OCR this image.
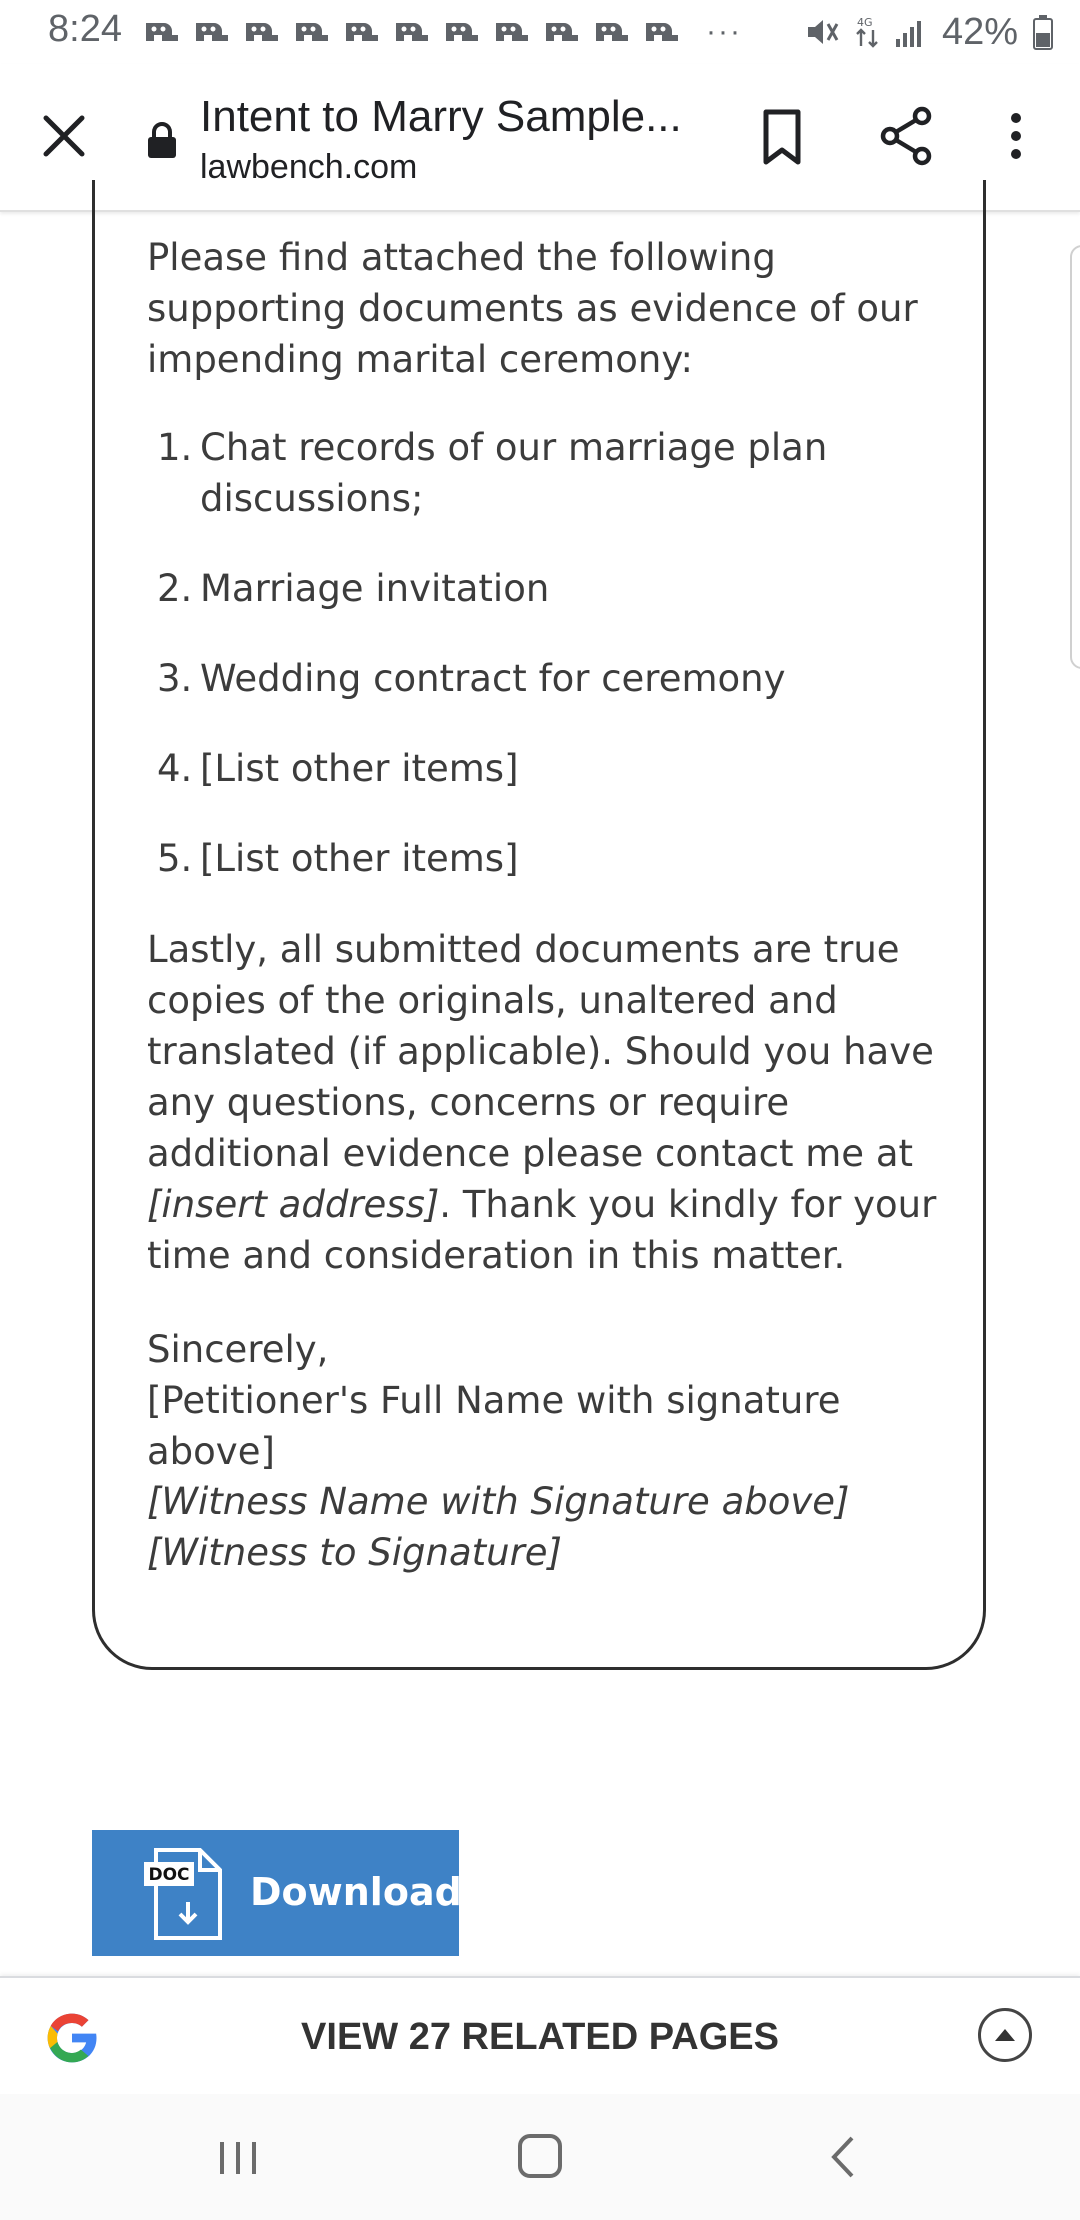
8:24	···	4G 42%
Intent to Marry Sample...
lawbench.com
Please find attached the following supporting documents as evidence of our impending marital ceremony:
1. Chat records of our marriage plan discussions;
2. Marriage invitation
3. Wedding contract for ceremony
4. [List other items]
5. [List other items]
Lastly, all submitted documents are true copies of the originals, unaltered and translated (if applicable). Should you have any questions, concerns or require additional evidence please contact me at [insert address]. Thank you kindly for your time and consideration in this matter.
Sincerely,
[Petitioner's Full Name with signature above]
[Witness Name with Signature above]
[Witness to Signature]
DOC Download
VIEW 27 RELATED PAGES
